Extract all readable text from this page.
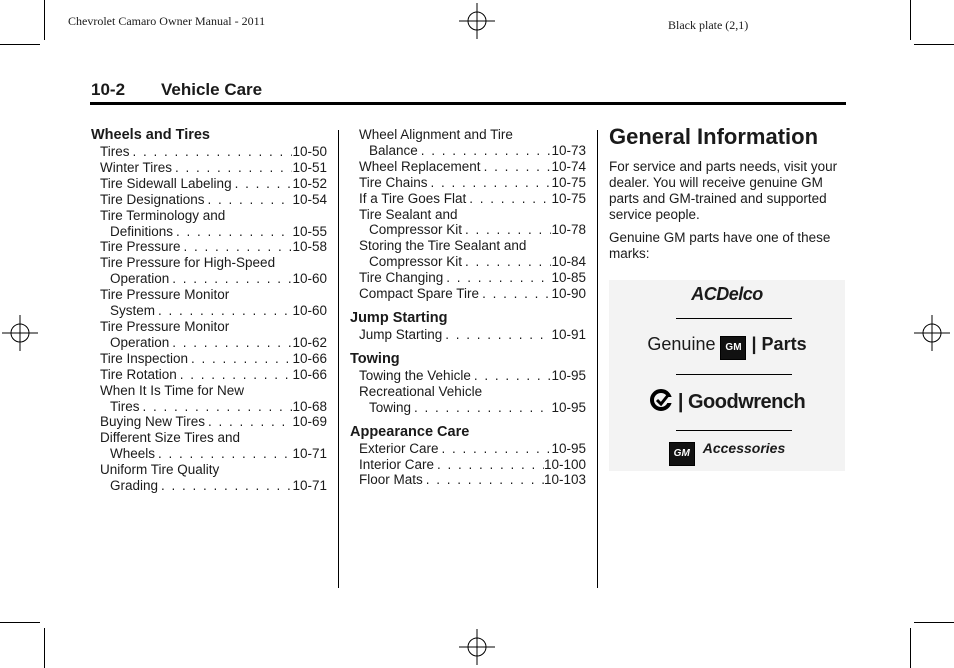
Chevrolet Camaro Owner Manual - 2011	Black plate (2,1)
10-2 Vehicle Care
Wheels and Tires
Tires . . .	10-50
Winter Tires . . .	10-51
Tire Sidewall Labeling . . .	10-52
Tire Designations . . .	10-54
Tire Terminology and
Definitions . . .	10-55
Tire Pressure . . .	10-58
Tire Pressure for High-Speed
Operation . . .	10-60
Tire Pressure Monitor
System . . .	10-60
Tire Pressure Monitor
Operation . . .	10-62
Tire Inspection . . .	10-66
Tire Rotation . . .	10-66
When It Is Time for New
Tires . . .	10-68
Buying New Tires . . .	10-69
Different Size Tires and
Wheels . . .	10-71
Uniform Tire Quality
Grading . . .	10-71
Wheel Alignment and Tire
Balance . . .	10-73
Wheel Replacement . . .	10-74
Tire Chains . . .	10-75
If a Tire Goes Flat . . .	10-75
Tire Sealant and
Compressor Kit . . .	10-78
Storing the Tire Sealant and
Compressor Kit . . .	10-84
Tire Changing . . .	10-85
Compact Spare Tire . . .	10-90
Jump Starting
Jump Starting . . .	10-91
Towing
Towing the Vehicle . . .	10-95
Recreational Vehicle
Towing . . .	10-95
Appearance Care
Exterior Care . . .	10-95
Interior Care . . .	10-100
Floor Mats . . .	10-103
General Information
For service and parts needs, visit your dealer. You will receive genuine GM parts and GM-trained and supported service people.
Genuine GM parts have one of these marks:
ACDelco
Genuine GM | Parts
| Goodwrench
GM Accessories
